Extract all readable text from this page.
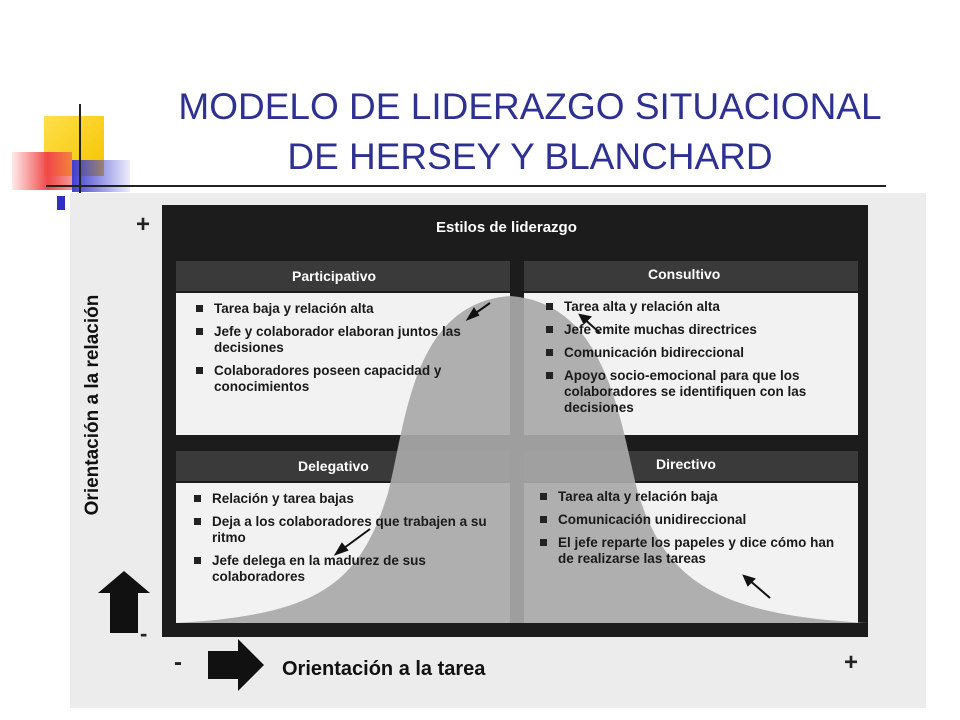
MODELO DE LIDERAZGO SITUACIONAL
DE HERSEY Y BLANCHARD
+
-
-	+
Orientación a la relación
Orientación a la tarea
Estilos de liderazgo
Participativo	Consultivo
Delegativo	Directivo
Tarea baja y relación alta
Jefe y colaborador elaboran juntos las decisiones
Colaboradores poseen capacidad y conocimientos
Tarea alta y relación alta
Jefe emite muchas directrices
Comunicación bidireccional
Apoyo socio-emocional para que los colaboradores se identifiquen con las decisiones
Relación y tarea bajas
Deja a los colaboradores que trabajen a su ritmo
Jefe delega en la madurez de sus colaboradores
Tarea alta y relación baja
Comunicación unidireccional
El jefe reparte los papeles y dice cómo han de realizarse las tareas
